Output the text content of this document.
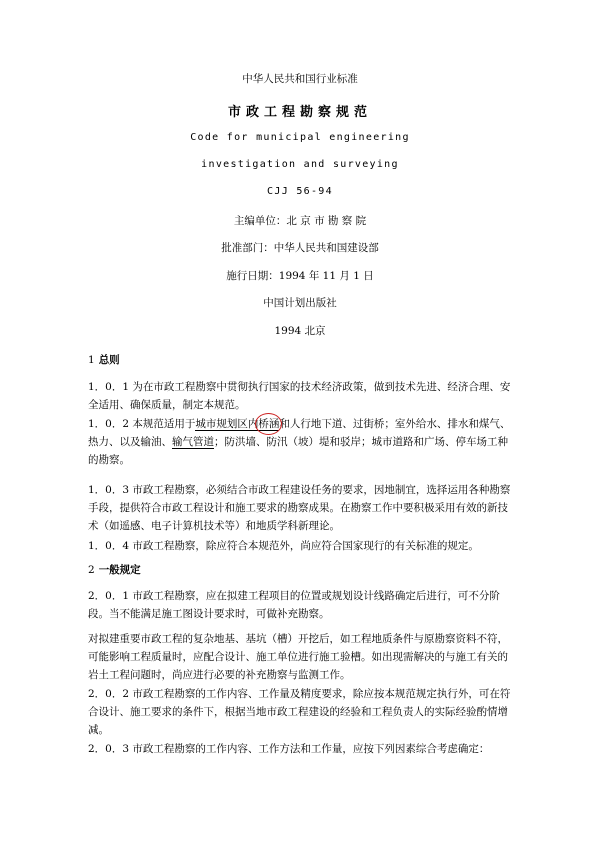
中华人民共和国行业标准
市政工程勘察规范
Code for municipal engineering
investigation and surveying
CJJ 56-94
主编单位：北 京 市 勘 察 院
批准部门：中华人民共和国建设部
施行日期：1994 年 11 月 1 日
中国计划出版社
1994 北京
1 总则
1．0．1 为在市政工程勘察中贯彻执行国家的技术经济政策，做到技术先进、经济合理、安全适用、确保质量，制定本规范。
1．0．2 本规范适用于城市规划区内桥涵和人行地下道、过街桥；室外给水、排水和煤气、热力、以及输油、输气管道；防洪墙、防汛（坡）堤和驳岸；城市道路和广场、停车场工种的勘察。
1．0．3 市政工程勘察，必须结合市政工程建设任务的要求，因地制宜，选择运用各种勘察手段，提供符合市政工程设计和施工要求的勘察成果。在勘察工作中要积极采用有效的新技术（如遥感、电子计算机技术等）和地质学科新理论。
1．0．4 市政工程勘察，除应符合本规范外，尚应符合国家现行的有关标准的规定。
2 一般规定
2．0．1 市政工程勘察，应在拟建工程项目的位置或规划设计线路确定后进行，可不分阶段。当不能满足施工图设计要求时，可做补充勘察。
对拟建重要市政工程的复杂地基、基坑（槽）开挖后，如工程地质条件与原勘察资料不符，可能影响工程质量时，应配合设计、施工单位进行施工验槽。如出现需解决的与施工有关的岩土工程问题时，尚应进行必要的补充勘察与监测工作。
2．0．2 市政工程勘察的工作内容、工作量及精度要求，除应按本规范规定执行外，可在符合设计、施工要求的条件下，根据当地市政工程建设的经验和工程负责人的实际经验酌情增减。
2．0．3 市政工程勘察的工作内容、工作方法和工作量，应按下列因素综合考虑确定：
